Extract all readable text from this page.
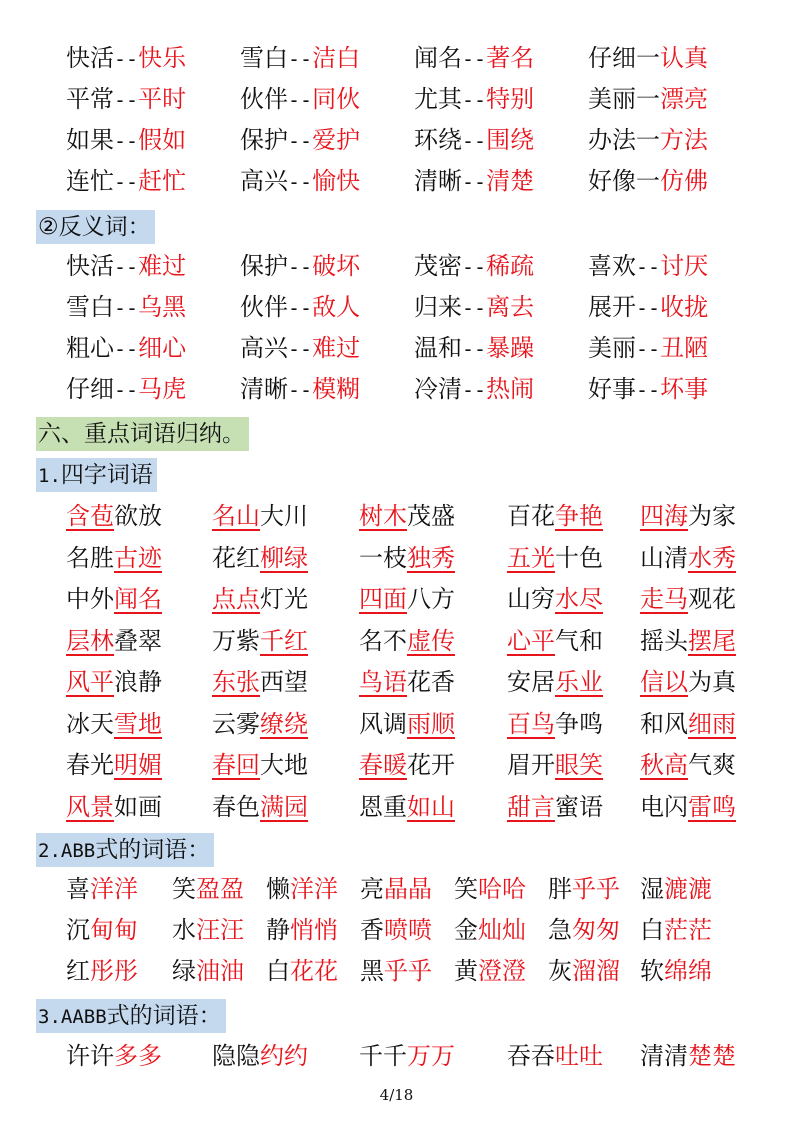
快活--快乐 雪白--洁白 闻名--著名 仔细一认真
平常--平时 伙伴--同伙 尤其--特别 美丽一漂亮
如果--假如 保护--爱护 环绕--围绕 办法一方法
连忙--赶忙 高兴--愉快 清晰--清楚 好像一仿佛
②反义词：
快活--难过 保护--破坏 茂密--稀疏 喜欢--讨厌
雪白--乌黑 伙伴--敌人 归来--离去 展开--收拢
粗心--细心 高兴--难过 温和--暴躁 美丽--丑陋
仔细--马虎 清晰--模糊 冷清--热闹 好事--坏事
六、重点词语归纳。
1.四字词语
含苞欲放 名山大川 树木茂盛 百花争艳 四海为家
名胜古迹 花红柳绿 一枝独秀 五光十色 山清水秀
中外闻名 点点灯光 四面八方 山穷水尽 走马观花
层林叠翠 万紫千红 名不虚传 心平气和 摇头摆尾
风平浪静 东张西望 鸟语花香 安居乐业 信以为真
冰天雪地 云雾缭绕 风调雨顺 百鸟争鸣 和风细雨
春光明媚 春回大地 春暖花开 眉开眼笑 秋高气爽
风景如画 春色满园 恩重如山 甜言蜜语 电闪雷鸣
2.ABB式的词语：
喜洋洋 笑盈盈 懒洋洋 亮晶晶 笑哈哈 胖乎乎 湿漉漉
沉甸甸 水汪汪 静悄悄 香喷喷 金灿灿 急匆匆 白茫茫
红彤彤 绿油油 白花花 黑乎乎 黄澄澄 灰溜溜 软绵绵
3.AABB式的词语：
许许多多 隐隐约约 千千万万 吞吞吐吐 清清楚楚
4/18
